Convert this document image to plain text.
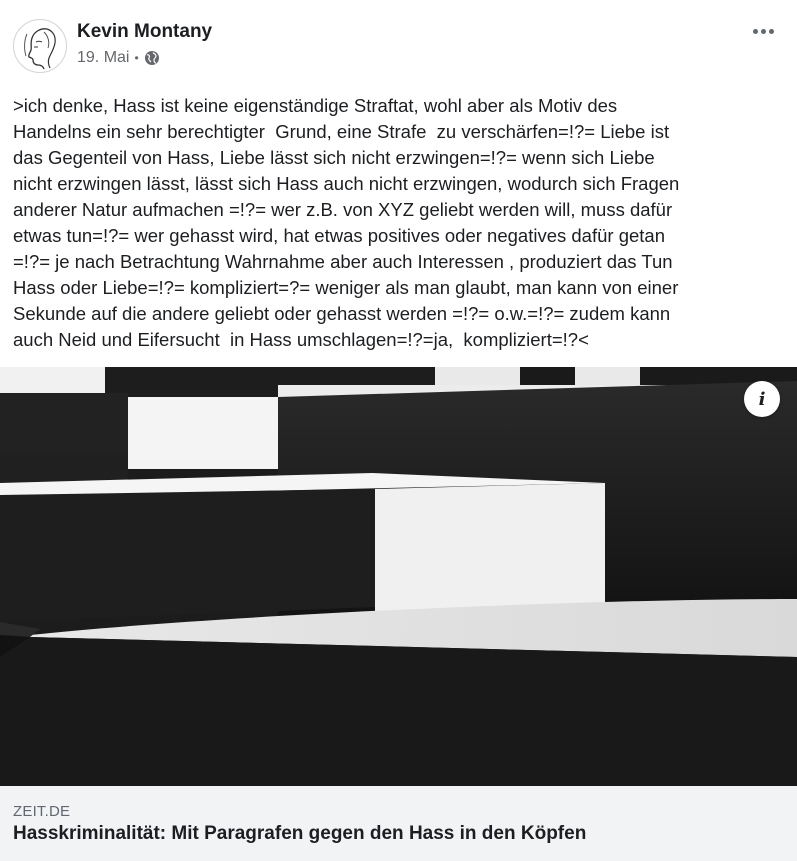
Kevin Montany
19. Mai •

>ich denke, Hass ist keine eigenständige Straftat, wohl aber als Motiv des
Handelns ein sehr berechtigter  Grund, eine Strafe  zu verschärfen=!?= Liebe ist
das Gegenteil von Hass, Liebe lässt sich nicht erzwingen=!?= wenn sich Liebe
nicht erzwingen lässt, lässt sich Hass auch nicht erzwingen, wodurch sich Fragen
anderer Natur aufmachen =!?= wer z.B. von XYZ geliebt werden will, muss dafür
etwas tun=!?= wer gehasst wird, hat etwas positives oder negatives dafür getan
=!?= je nach Betrachtung Wahrnahme aber auch Interessen , produziert das Tun
Hass oder Liebe=!?= kompliziert=?= weniger als man glaubt, man kann von einer
Sekunde auf die andere geliebt oder gehasst werden =!?= o.w.=!?= zudem kann
auch Neid und Eifersucht  in Hass umschlagen=!?=ja,  kompliziert=!?<

i
ZEIT.DE
Hasskriminalität: Mit Paragrafen gegen den Hass in den Köpfen
